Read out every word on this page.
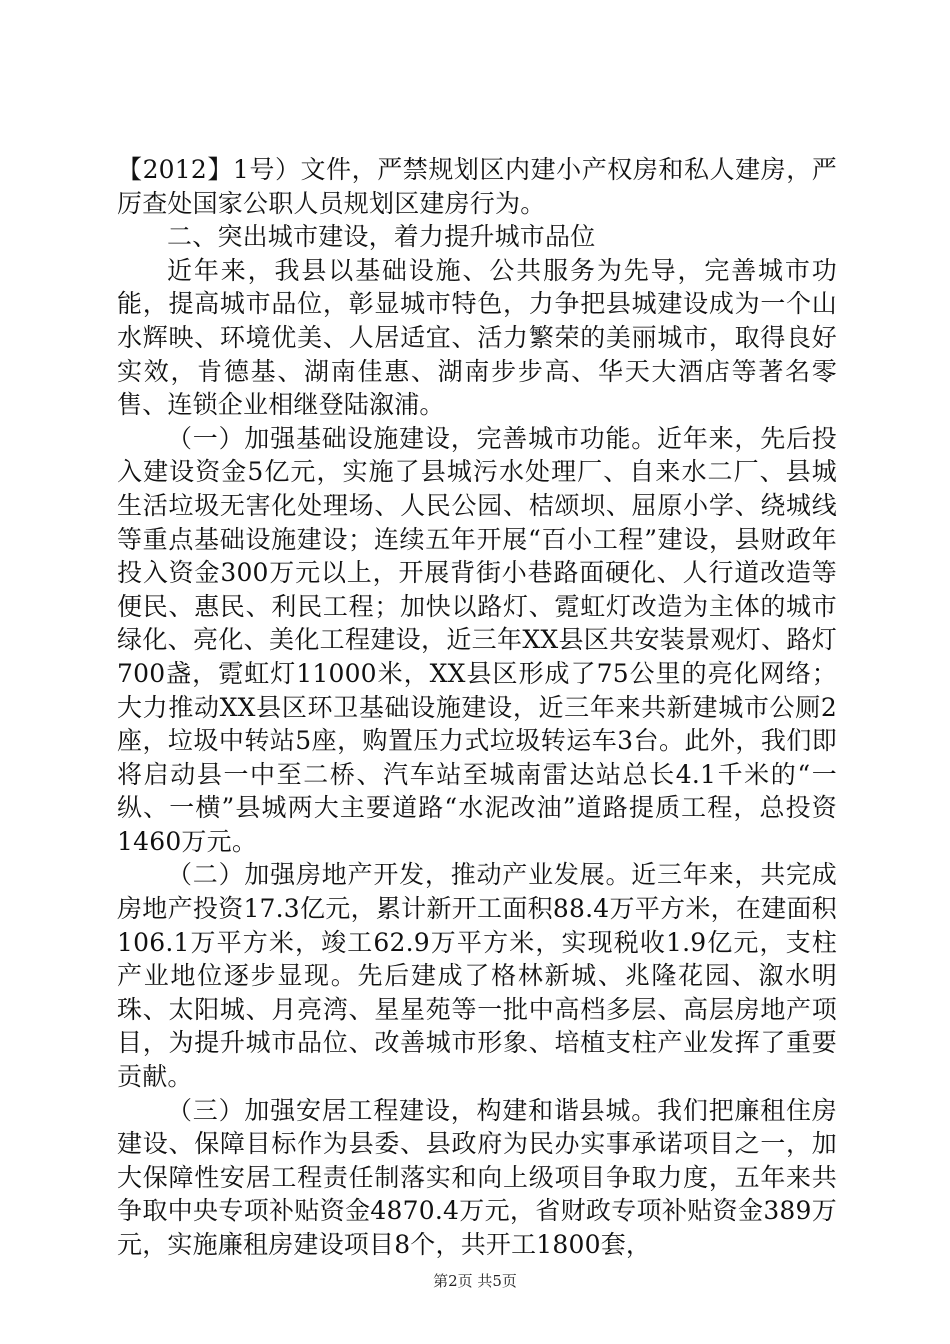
【2012】1号）文件，严禁规划区内建小产权房和私人建房，严厉查处国家公职人员规划区建房行为。

二、突出城市建设，着力提升城市品位

近年来，我县以基础设施、公共服务为先导，完善城市功能，提高城市品位，彰显城市特色，力争把县城建设成为一个山水辉映、环境优美、人居适宜、活力繁荣的美丽城市，取得良好实效，肯德基、湖南佳惠、湖南步步高、华天大酒店等著名零售、连锁企业相继登陆溆浦。

（一）加强基础设施建设，完善城市功能。近年来，先后投入建设资金5亿元，实施了县城污水处理厂、自来水二厂、县城生活垃圾无害化处理场、人民公园、桔颂坝、屈原小学、绕城线等重点基础设施建设；连续五年开展“百小工程”建设，县财政年投入资金300万元以上，开展背街小巷路面硬化、人行道改造等便民、惠民、利民工程；加快以路灯、霓虹灯改造为主体的城市绿化、亮化、美化工程建设，近三年XX县区共安装景观灯、路灯700盏，霓虹灯11000米，XX县区形成了75公里的亮化网络；大力推动XX县区环卫基础设施建设，近三年来共新建城市公厕2座，垃圾中转站5座，购置压力式垃圾转运车3台。此外，我们即将启动县一中至二桥、汽车站至城南雷达站总长4.1千米的“一纵、一横”县城两大主要道路“水泥改油”道路提质工程，总投资1460万元。

（二）加强房地产开发，推动产业发展。近三年来，共完成房地产投资17.3亿元，累计新开工面积88.4万平方米，在建面积106.1万平方米，竣工62.9万平方米，实现税收1.9亿元，支柱产业地位逐步显现。先后建成了格林新城、兆隆花园、溆水明珠、太阳城、月亮湾、星星苑等一批中高档多层、高层房地产项目，为提升城市品位、改善城市形象、培植支柱产业发挥了重要贡献。

（三）加强安居工程建设，构建和谐县城。我们把廉租住房建设、保障目标作为县委、县政府为民办实事承诺项目之一，加大保障性安居工程责任制落实和向上级项目争取力度，五年来共争取中央专项补贴资金4870.4万元，省财政专项补贴资金389万元，实施廉租房建设项目8个，共开工1800套，

第2页 共5页
